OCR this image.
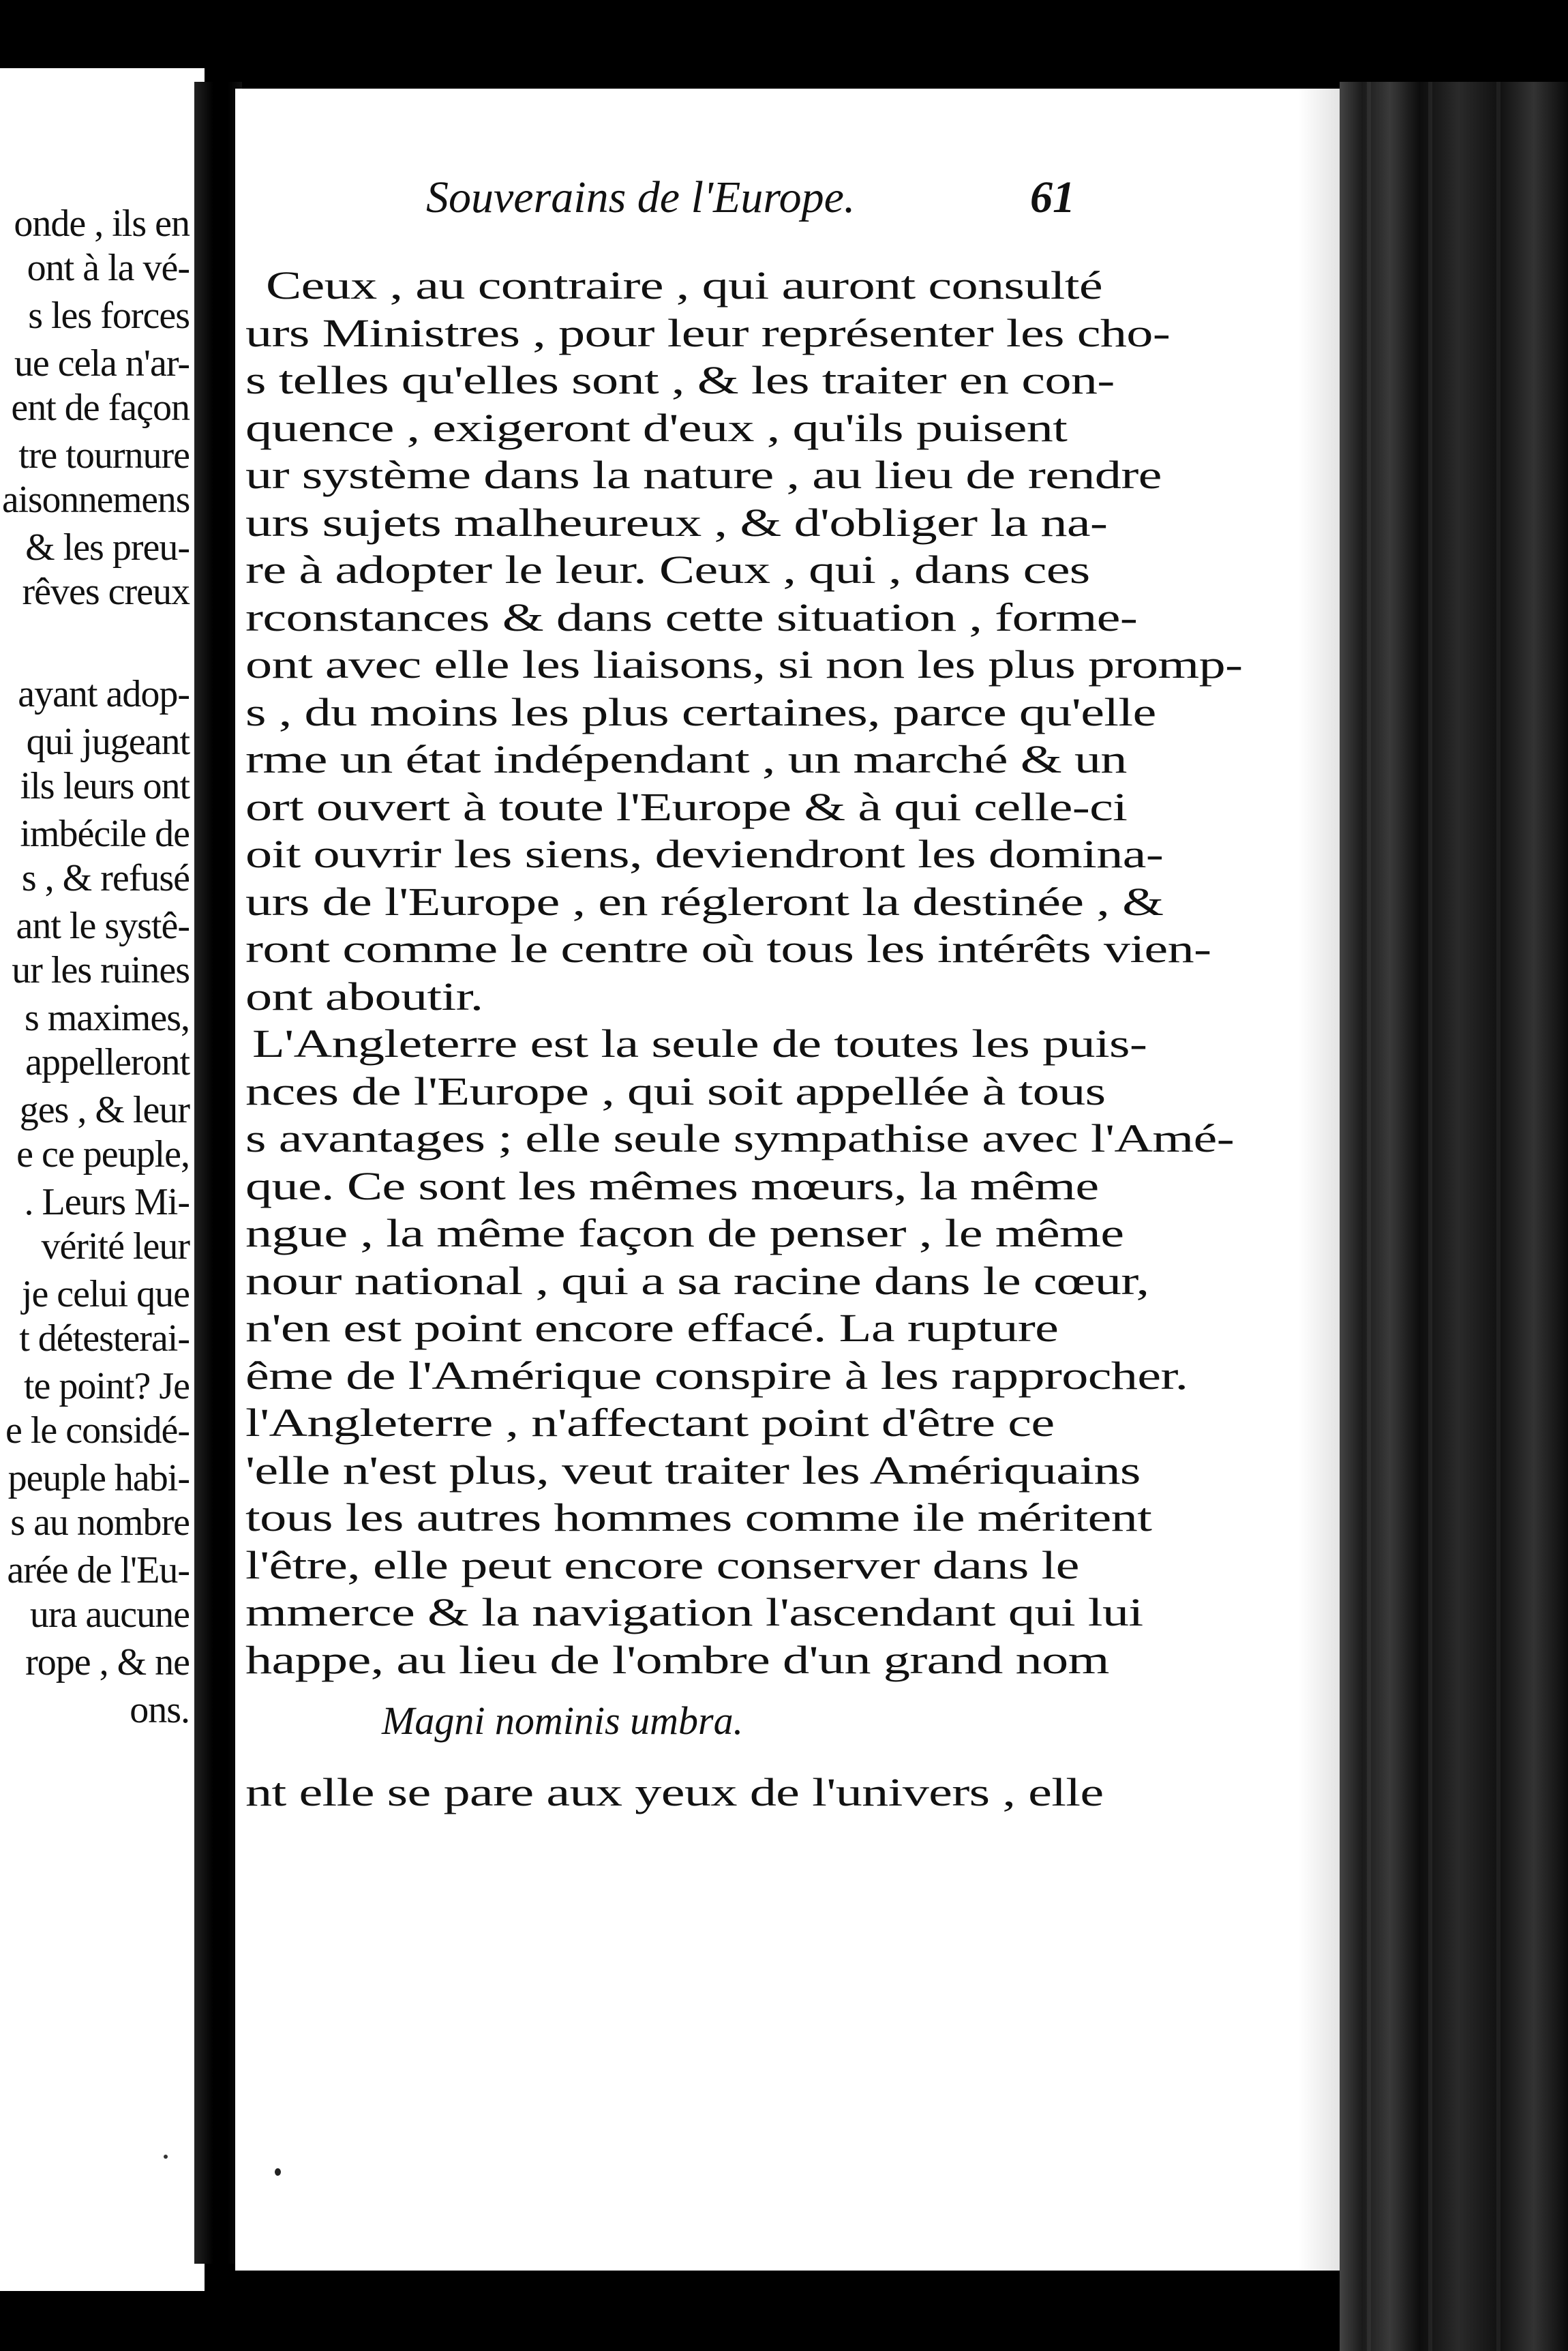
onde , ils en
ont à la vé-
s les forces
ue cela n'ar-
ent de façon
tre tournure
aisonnemens
& les preu-
rêves creux
ayant adop-
qui jugeant
ils leurs ont
imbécile de
s , & refusé
ant le systê-
ur les ruines
s maximes,
appelleront
ges , & leur
e ce peuple,
. Leurs Mi-
vérité leur
je celui que
t détesterai-
te point? Je
e le considé-
peuple habi-
s au nombre
arée de l'Eu-
ura aucune
rope , & ne
ons.
Souverains de l'Europe.	61
Ceux , au contraire , qui auront consulté
urs Ministres , pour leur représenter les cho-
s telles qu'elles sont , & les traiter en con-
quence , exigeront d'eux , qu'ils puisent
ur système dans la nature , au lieu de rendre
urs sujets malheureux , & d'obliger la na-
re à adopter le leur. Ceux , qui , dans ces
rconstances & dans cette situation , forme-
ont avec elle les liaisons, si non les plus promp-
s , du moins les plus certaines, parce qu'elle
rme un état indépendant , un marché & un
ort ouvert à toute l'Europe & à qui celle-ci
oit ouvrir les siens, deviendront les domina-
urs de l'Europe , en régleront la destinée , &
ront comme le centre où tous les intérêts vien-
ont aboutir.
L'Angleterre est la seule de toutes les puis-
nces de l'Europe , qui soit appellée à tous
s avantages ; elle seule sympathise avec l'Amé-
que. Ce sont les mêmes mœurs, la même
ngue , la même façon de penser , le même
nour national , qui a sa racine dans le cœur,
n'en est point encore effacé. La rupture
ême de l'Amérique conspire à les rapprocher.
l'Angleterre , n'affectant point d'être ce
'elle n'est plus, veut traiter les Amériquains
tous les autres hommes comme ile méritent
l'être, elle peut encore conserver dans le
mmerce & la navigation l'ascendant qui lui
happe, au lieu de l'ombre d'un grand nom
Magni nominis umbra.
nt elle se pare aux yeux de l'univers , elle
